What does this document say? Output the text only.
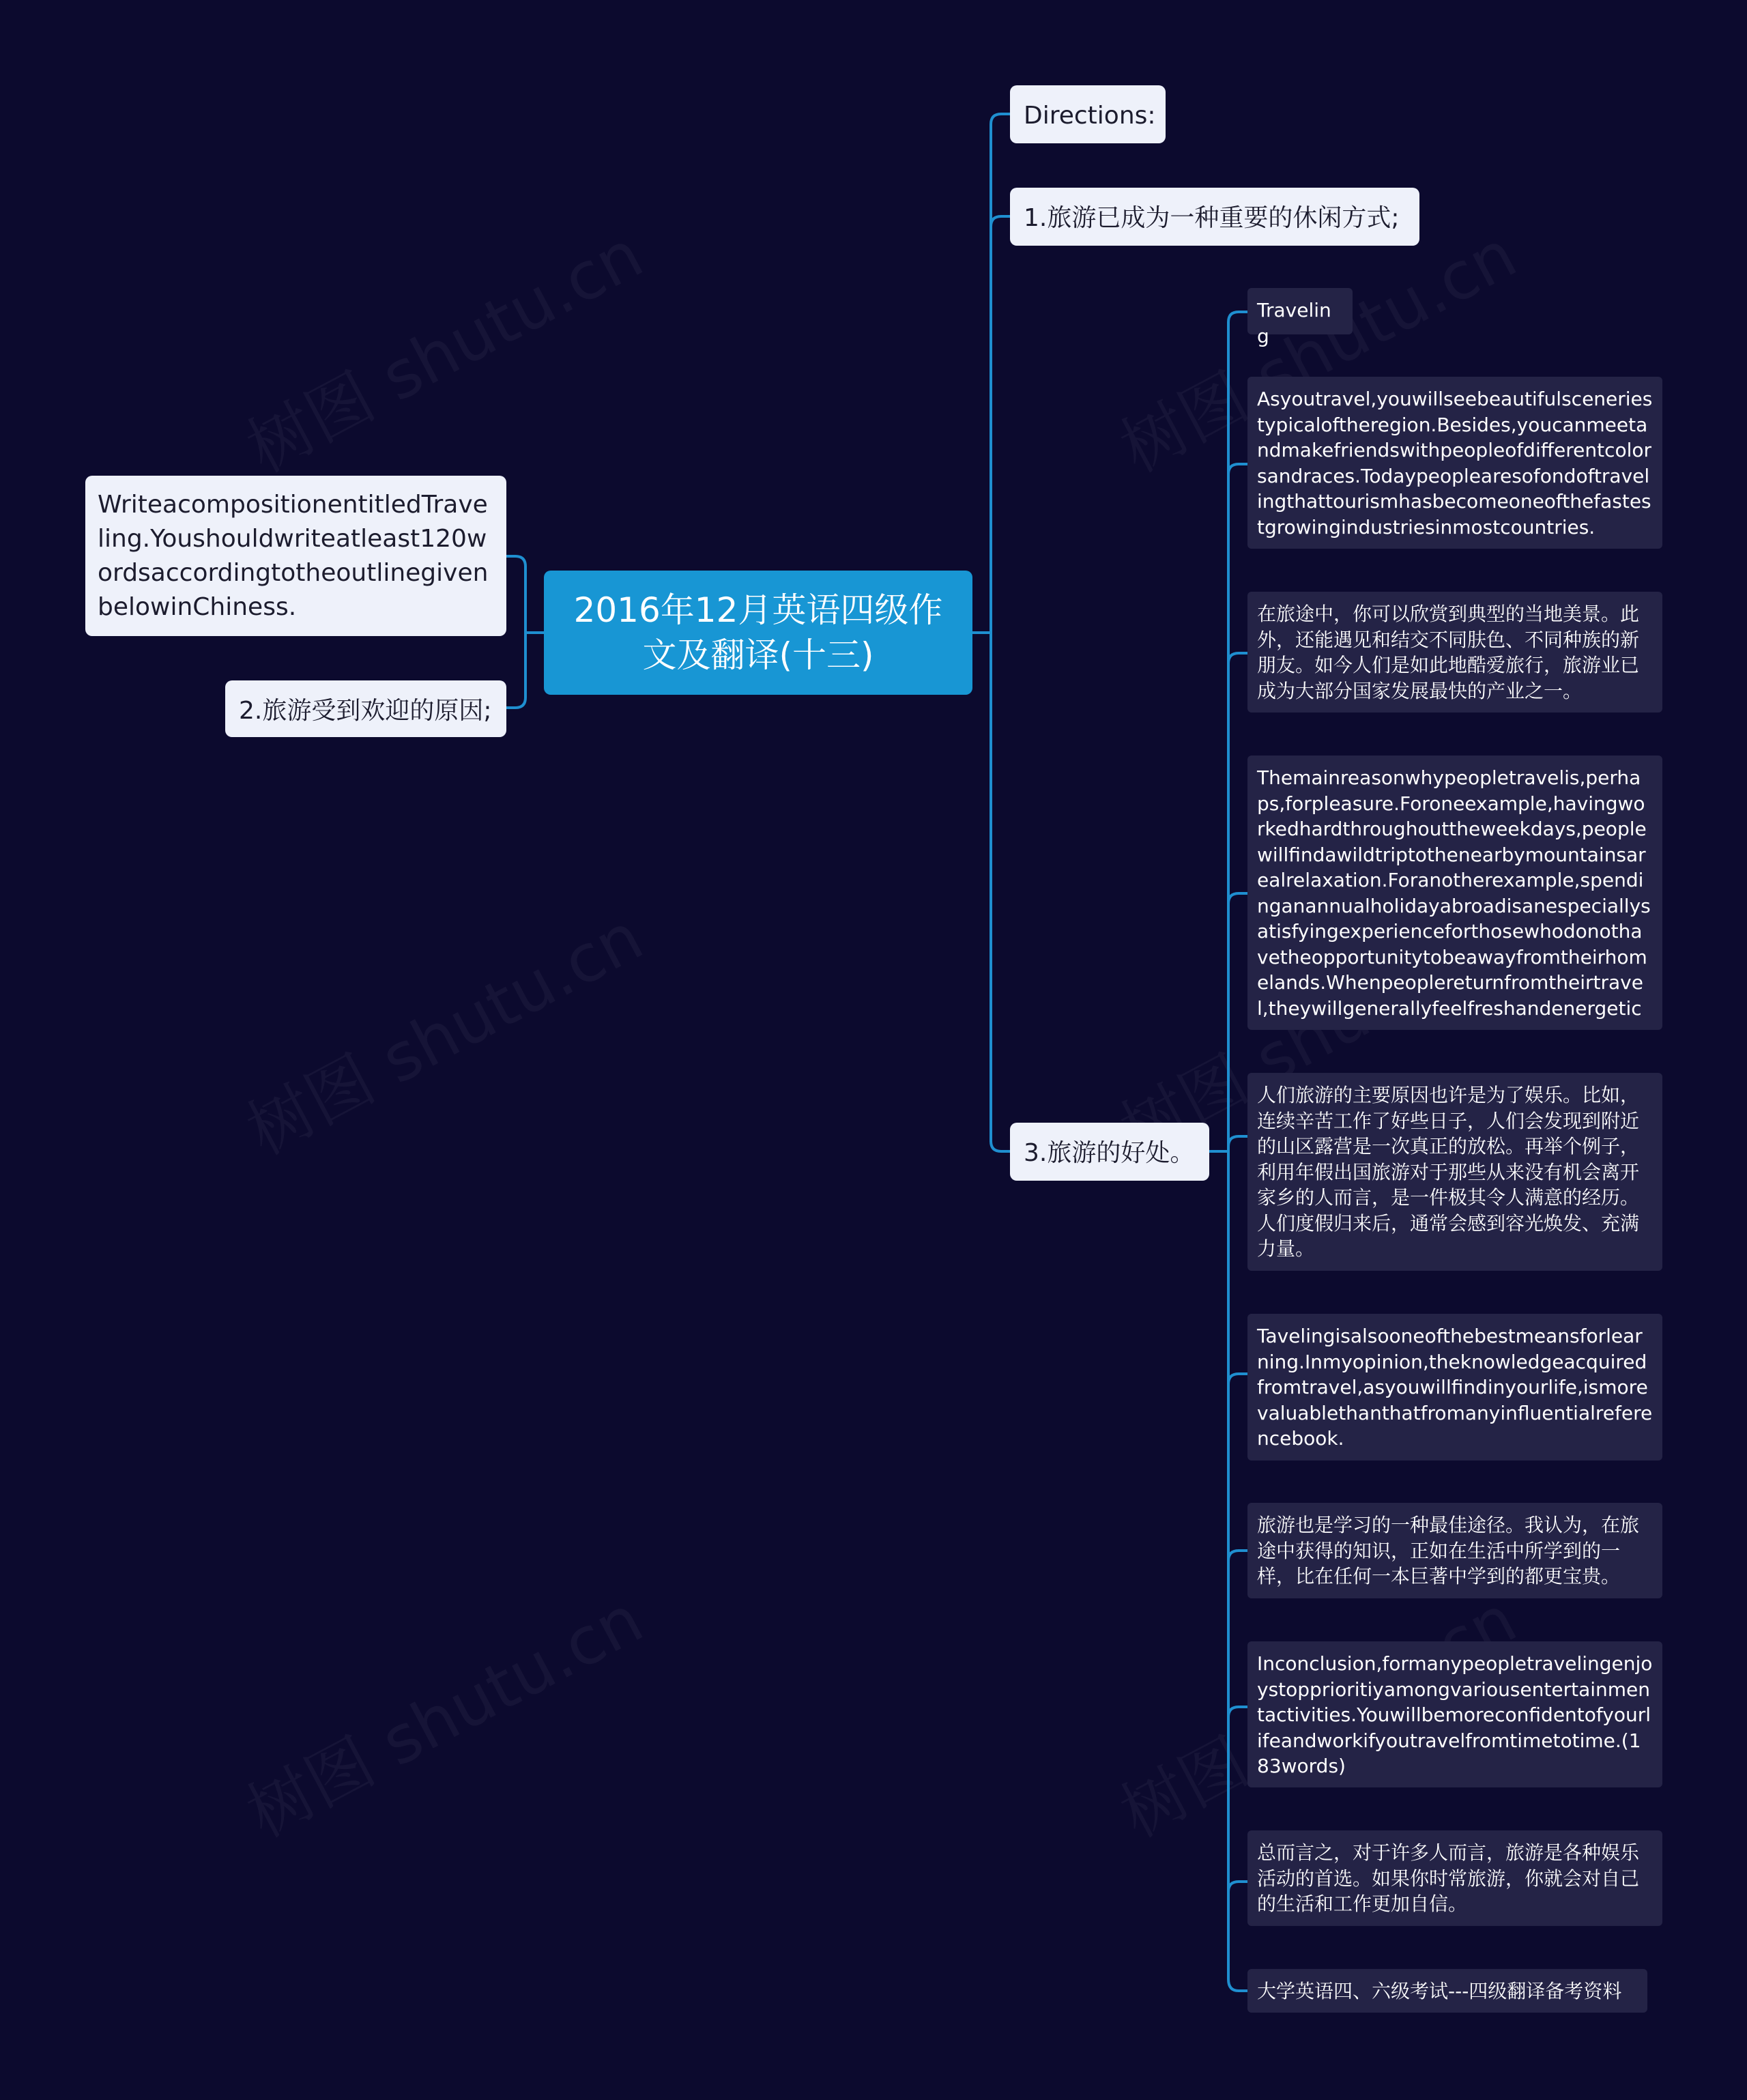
2016年12月英语四级作文及翻译(十三)
WriteacompositionentitledTraveling.Youshouldwriteatleast120wordsaccordingtotheoutlinegivenbelowinChiness.
2.旅游受到欢迎的原因;
Directions:
1.旅游已成为一种重要的休闲方式;
3.旅游的好处。
Traveling
Asyoutravel,youwillseebeautifulsceneriestypicaloftheregion.Besides,youcanmeetandmakefriendswithpeopleofdifferentcolorsandraces.Todaypeoplearesofondoftravelingthattourismhasbecomeoneofthefastestgrowingindustriesinmostcountries.
在旅途中，你可以欣赏到典型的当地美景。此外，还能遇见和结交不同肤色、不同种族的新朋友。如今人们是如此地酷爱旅行，旅游业已成为大部分国家发展最快的产业之一。
Themainreasonwhypeopletravelis,perhaps,forpleasure.Foroneexample,havingworkedhardthroughouttheweekdays,peoplewillfindawildtriptothenearbymountainsarealrelaxation.Foranotherexample,spendinganannualholidayabroadisanespeciallysatisfyingexperienceforthosewhodonothavetheopportunitytobeawayfromtheirhomelands.Whenpeoplereturnfromtheirtravel,theywillgenerallyfeelfreshandenergetic
人们旅游的主要原因也许是为了娱乐。比如，连续辛苦工作了好些日子，人们会发现到附近的山区露营是一次真正的放松。再举个例子，利用年假出国旅游对于那些从来没有机会离开家乡的人而言，是一件极其令人满意的经历。人们度假归来后，通常会感到容光焕发、充满力量。
Tavelingisalsooneofthebestmeansforlearning.Inmyopinion,theknowledgeacquiredfromtravel,asyouwillfindinyourlife,ismorevaluablethanthatfromanyinfluentialreferencebook.
旅游也是学习的一种最佳途径。我认为，在旅途中获得的知识，正如在生活中所学到的一样，比在任何一本巨著中学到的都更宝贵。
Inconclusion,formanypeopletravelingenjoystopprioritiyamongvariousentertainmentactivities.Youwillbemoreconfidentofyourlifeandworkifyoutravelfromtimetotime.(183words)
总而言之，对于许多人而言，旅游是各种娱乐活动的首选。如果你时常旅游，你就会对自己的生活和工作更加自信。
大学英语四、六级考试---四级翻译备考资料
